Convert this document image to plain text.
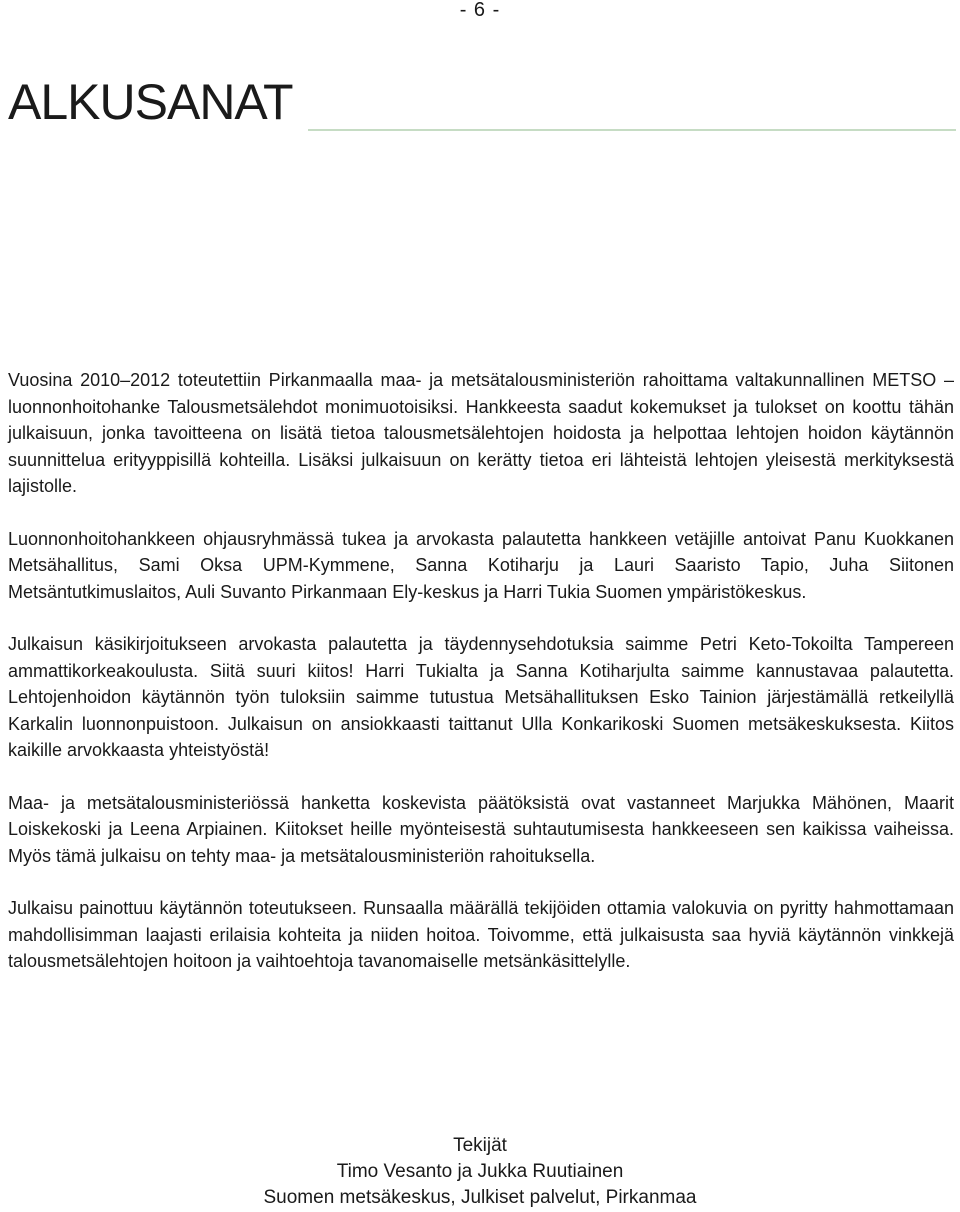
- 6 -
ALKUSANAT

Vuosina 2010–2012 toteutettiin Pirkanmaalla maa- ja metsätalousministeriön rahoittama valtakunnallinen METSO –luonnonhoitohanke Talousmetsälehdot monimuotoisiksi. Hankkeesta saadut kokemukset ja tulokset on koottu tähän julkaisuun, jonka tavoitteena on lisätä tietoa talousmetsälehtojen hoidosta ja helpottaa lehtojen hoidon käytännön suunnittelua erityyppisillä kohteilla. Lisäksi julkaisuun on kerätty tietoa eri lähteistä lehtojen yleisestä merkityksestä lajistolle.

Luonnonhoitohankkeen ohjausryhmässä tukea ja arvokasta palautetta hankkeen vetäjille antoivat Panu Kuokkanen Metsähallitus, Sami Oksa UPM-Kymmene, Sanna Kotiharju ja Lauri Saaristo Tapio, Juha Siitonen Metsäntutkimuslaitos, Auli Suvanto Pirkanmaan Ely-keskus ja Harri Tukia Suomen ympäristökeskus.

Julkaisun käsikirjoitukseen arvokasta palautetta ja täydennysehdotuksia saimme Petri Keto-Tokoilta Tampereen ammattikorkeakoulusta. Siitä suuri kiitos! Harri Tukialta ja Sanna Kotiharjulta saimme kannustavaa palautetta. Lehtojenhoidon käytännön työn tuloksiin saimme tutustua Metsähallituksen Esko Tainion järjestämällä retkeilyllä Karkalin luonnonpuistoon. Julkaisun on ansiokkaasti taittanut Ulla Konkarikoski Suomen metsäkeskuksesta. Kiitos kaikille arvokkaasta yhteistyöstä!

Maa- ja metsätalousministeriössä hanketta koskevista päätöksistä ovat vastanneet Marjukka Mähönen, Maarit Loiskekoski ja Leena Arpiainen. Kiitokset heille myönteisestä suhtautumisesta hankkeeseen sen kaikissa vaiheissa. Myös tämä julkaisu on tehty maa- ja metsätalousministeriön rahoituksella.

Julkaisu painottuu käytännön toteutukseen. Runsaalla määrällä tekijöiden ottamia valokuvia on pyritty hahmottamaan mahdollisimman laajasti erilaisia kohteita ja niiden hoitoa. Toivomme, että julkaisusta saa hyviä käytännön vinkkejä talousmetsälehtojen hoitoon ja vaihtoehtoja tavanomaiselle metsänkäsittelylle.

Tekijät
Timo Vesanto ja Jukka Ruutiainen
Suomen metsäkeskus, Julkiset palvelut, Pirkanmaa
